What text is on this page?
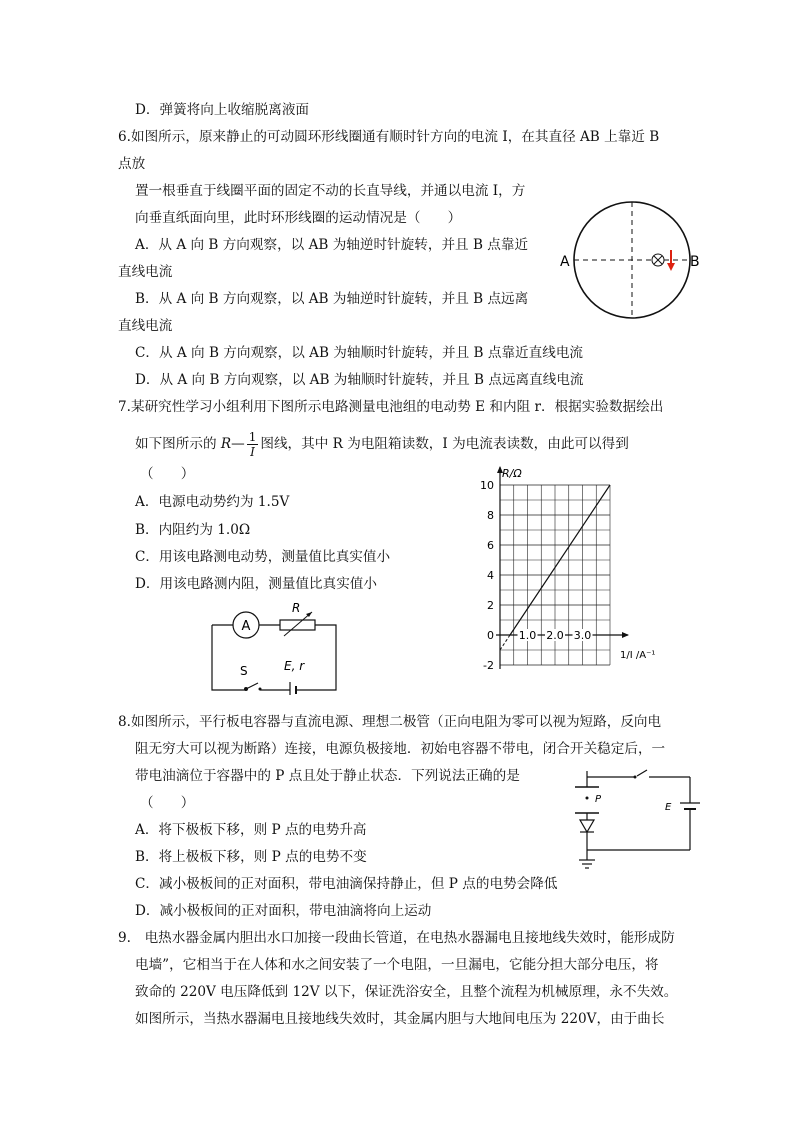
D．弹簧将向上收缩脱离液面
6.如图所示，原来静止的可动圆环形线圈通有顺时针方向的电流 I，在其直径 AB 上靠近 B
点放
置一根垂直于线圈平面的固定不动的长直导线，并通以电流 I，方
向垂直纸面向里，此时环形线圈的运动情况是（　　）
A．从 A 向 B 方向观察，以 AB 为轴逆时针旋转，并且 B 点靠近
直线电流
B．从 A 向 B 方向观察，以 AB 为轴逆时针旋转，并且 B 点远离
直线电流
C．从 A 向 B 方向观察，以 AB 为轴顺时针旋转，并且 B 点靠近直线电流
D．从 A 向 B 方向观察，以 AB 为轴顺时针旋转，并且 B 点远离直线电流
A	B
7.某研究性学习小组利用下图所示电路测量电池组的电动势 E 和内阻 r．根据实验数据绘出
如下图所示的 R— $\frac{1}{I}$ 图线，其中 R 为电阻箱读数，I 为电流表读数，由此可以得到
（　　）
A．电源电动势约为 1.5V
B．内阻约为 1.0Ω
C．用该电路测电动势，测量值比真实值小
D．用该电路测内阻，测量值比真实值小
A
R
S	E, r
10
8
6
4
2
0
-2
1.0 2.0 3.0
R/Ω
1/I /A⁻¹
8.如图所示，平行板电容器与直流电源、理想二极管（正向电阻为零可以视为短路，反向电
阻无穷大可以视为断路）连接，电源负极接地．初始电容器不带电，闭合开关稳定后，一
带电油滴位于容器中的 P 点且处于静止状态．下列说法正确的是
（　　）
A．将下极板下移，则 P 点的电势升高
B．将上极板下移，则 P 点的电势不变
C．减小极板间的正对面积，带电油滴保持静止，但 P 点的电势会降低
D．减小极板间的正对面积，带电油滴将向上运动
P
E
9.　电热水器金属内胆出水口加接一段曲长管道，在电热水器漏电且接地线失效时，能形成防
电墙”，它相当于在人体和水之间安装了一个电阻，一旦漏电，它能分担大部分电压，将
致命的 220V 电压降低到 12V 以下，保证洗浴安全，且整个流程为机械原理，永不失效。
如图所示，当热水器漏电且接地线失效时，其金属内胆与大地间电压为 220V，由于曲长
